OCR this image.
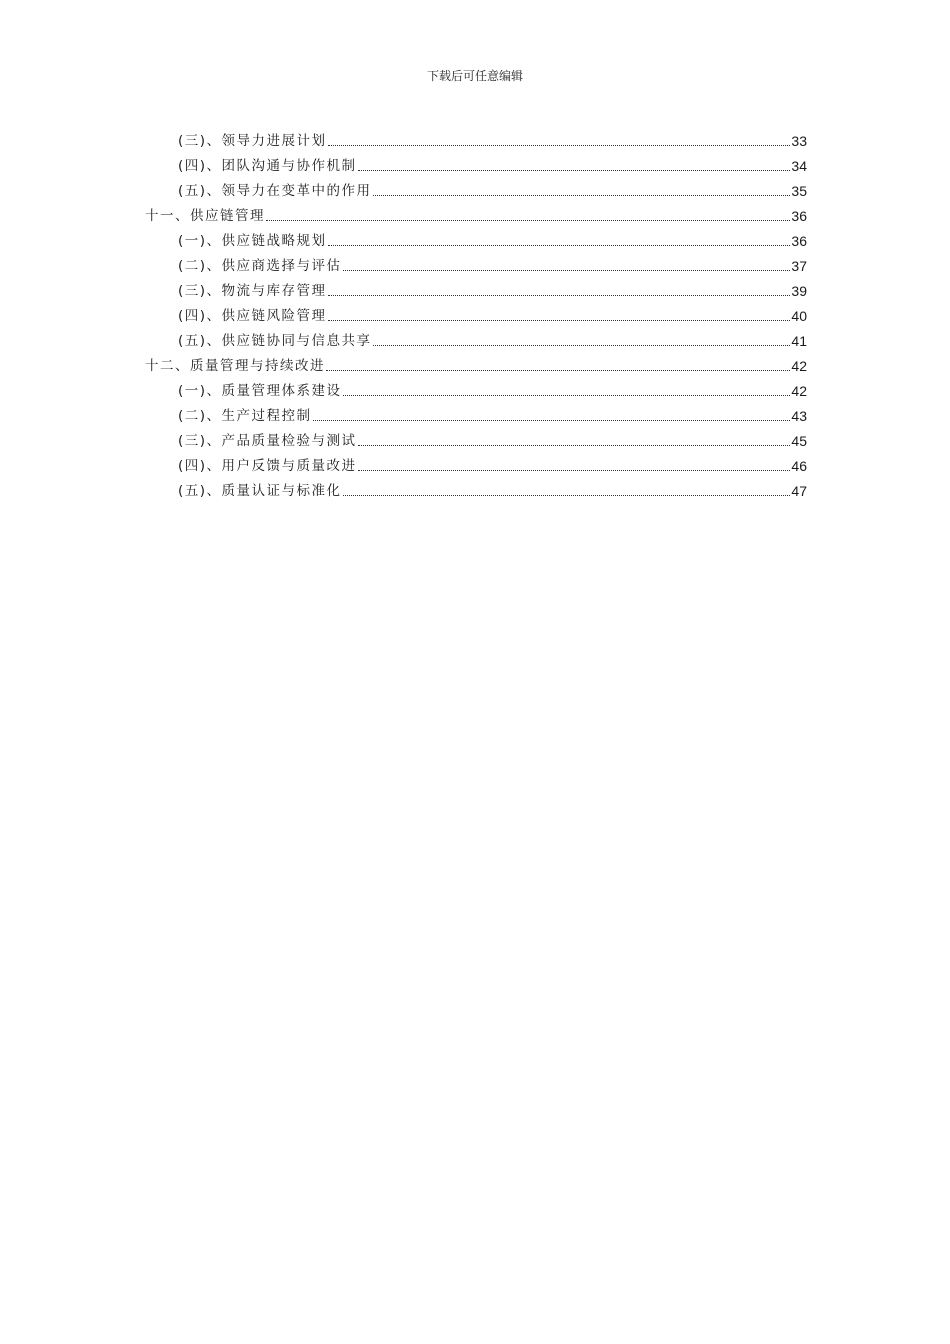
下载后可任意编辑
(三)、领导力进展计划	33
(四)、团队沟通与协作机制	34
(五)、领导力在变革中的作用	35
十一、供应链管理	36
(一)、供应链战略规划	36
(二)、供应商选择与评估	37
(三)、物流与库存管理	39
(四)、供应链风险管理	40
(五)、供应链协同与信息共享	41
十二、质量管理与持续改进	42
(一)、质量管理体系建设	42
(二)、生产过程控制	43
(三)、产品质量检验与测试	45
(四)、用户反馈与质量改进	46
(五)、质量认证与标准化	47
